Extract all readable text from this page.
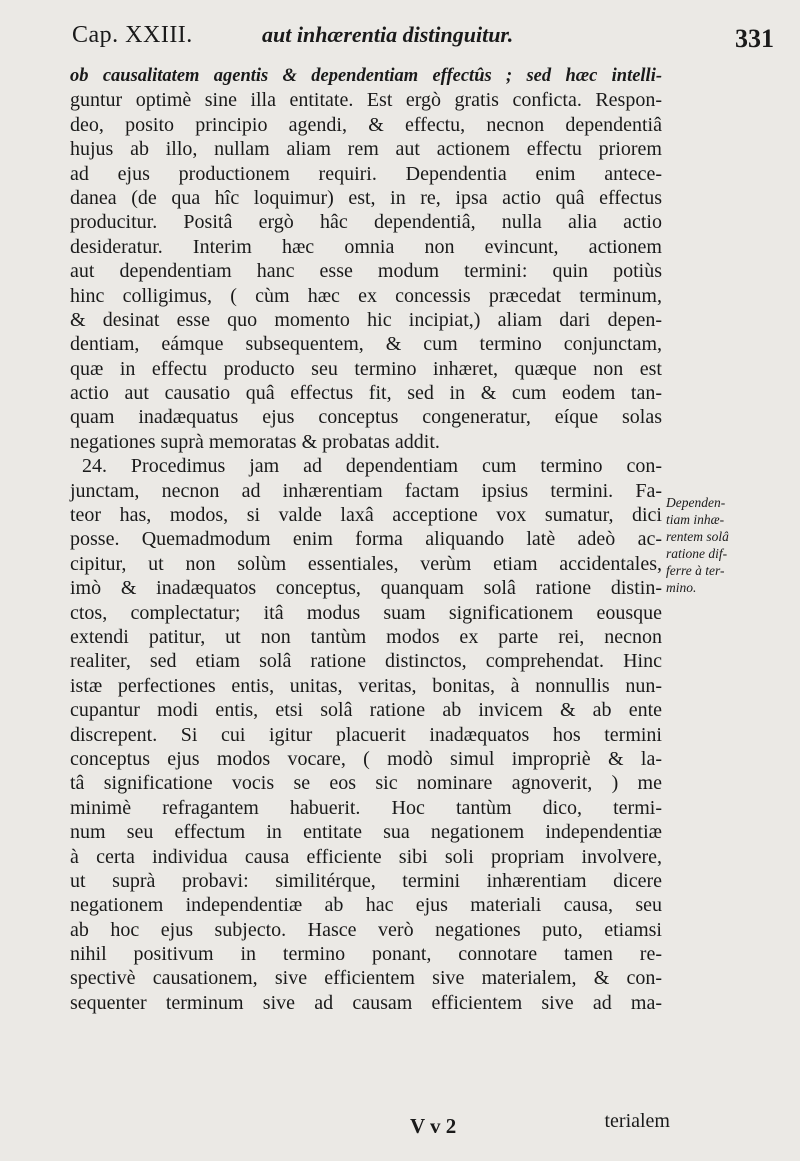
Cap. XXIII.	aut inhærentia distinguitur.	331
ob causalitatem agentis & dependentiam effectûs ; sed hæc intelli-
guntur optimè sine illa entitate. Est ergò gratis conficta. Respon-
deo, posito principio agendi, & effectu, necnon dependentiâ
hujus ab illo, nullam aliam rem aut actionem effectu priorem
ad ejus productionem requiri. Dependentia enim antece-
danea (de qua hîc loquimur) est, in re, ipsa actio quâ effectus
producitur. Positâ ergò hâc dependentiâ, nulla alia actio
desideratur. Interim hæc omnia non evincunt, actionem
aut dependentiam hanc esse modum termini: quin potiùs
hinc colligimus, ( cùm hæc ex concessis præcedat terminum,
& desinat esse quo momento hic incipiat,) aliam dari depen-
dentiam, eámque subsequentem, & cum termino conjunctam,
quæ in effectu producto seu termino inhæret, quæque non est
actio aut causatio quâ effectus fit, sed in & cum eodem tan-
quam inadæquatus ejus conceptus congeneratur, eíque solas
negationes suprà memoratas & probatas addit.
24. Procedimus jam ad dependentiam cum termino con-
junctam, necnon ad inhærentiam factam ipsius termini. Fa-
teor has, modos, si valde laxâ acceptione vox sumatur, dici
posse. Quemadmodum enim forma aliquando latè adeò ac-
cipitur, ut non solùm essentiales, verùm etiam accidentales,
imò & inadæquatos conceptus, quanquam solâ ratione distin-
ctos, complectatur; itâ modus suam significationem eousque
extendi patitur, ut non tantùm modos ex parte rei, necnon
realiter, sed etiam solâ ratione distinctos, comprehendat. Hinc
istæ perfectiones entis, unitas, veritas, bonitas, à nonnullis nun-
cupantur modi entis, etsi solâ ratione ab invicem & ab ente
discrepent. Si cui igitur placuerit inadæquatos hos termini
conceptus ejus modos vocare, ( modò simul impropriè & la-
tâ significatione vocis se eos sic nominare agnoverit, ) me
minimè refragantem habuerit. Hoc tantùm dico, termi-
num seu effectum in entitate sua negationem independentiæ
à certa individua causa efficiente sibi soli propriam involvere,
ut suprà probavi: similitérque, termini inhærentiam dicere
negationem independentiæ ab hac ejus materiali causa, seu
ab hoc ejus subjecto. Hasce verò negationes puto, etiamsi
nihil positivum in termino ponant, connotare tamen re-
spectivè causationem, sive efficientem sive materialem, & con-
sequenter terminum sive ad causam efficientem sive ad ma-
Dependen-
tiam inhæ-
rentem solâ
ratione dif-
ferre à ter-
mino.
V v 2	terialem
